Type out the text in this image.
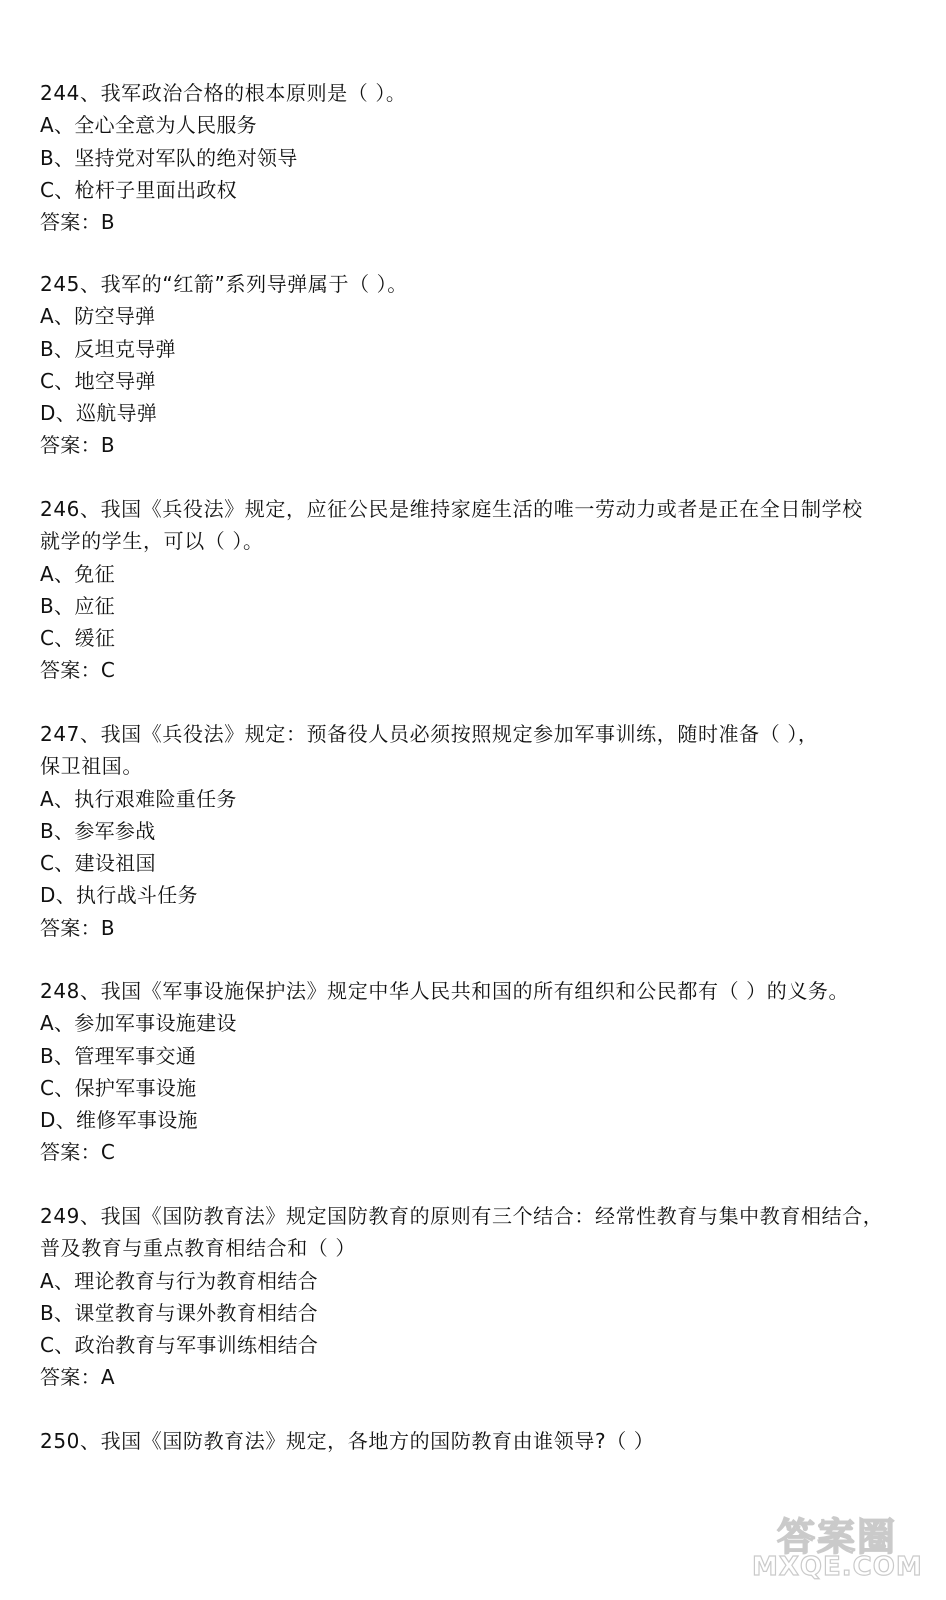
244、我军政治合格的根本原则是（ ）。
A、全心全意为人民服务
B、坚持党对军队的绝对领导
C、枪杆子里面出政权
答案：B
245、我军的“红箭”系列导弹属于（ ）。
A、防空导弹
B、反坦克导弹
C、地空导弹
D、巡航导弹
答案：B
246、我国《兵役法》规定，应征公民是维持家庭生活的唯一劳动力或者是正在全日制学校
就学的学生，可以（ ）。
A、免征
B、应征
C、缓征
答案：C
247、我国《兵役法》规定：预备役人员必须按照规定参加军事训练，随时准备（ ），
保卫祖国。
A、执行艰难险重任务
B、参军参战
C、建设祖国
D、执行战斗任务
答案：B
248、我国《军事设施保护法》规定中华人民共和国的所有组织和公民都有（ ）的义务。
A、参加军事设施建设
B、管理军事交通
C、保护军事设施
D、维修军事设施
答案：C
249、我国《国防教育法》规定国防教育的原则有三个结合：经常性教育与集中教育相结合，
普及教育与重点教育相结合和（ ）
A、理论教育与行为教育相结合
B、课堂教育与课外教育相结合
C、政治教育与军事训练相结合
答案：A
250、我国《国防教育法》规定，各地方的国防教育由谁领导?（ ）
答案圈
MXQE.COM
